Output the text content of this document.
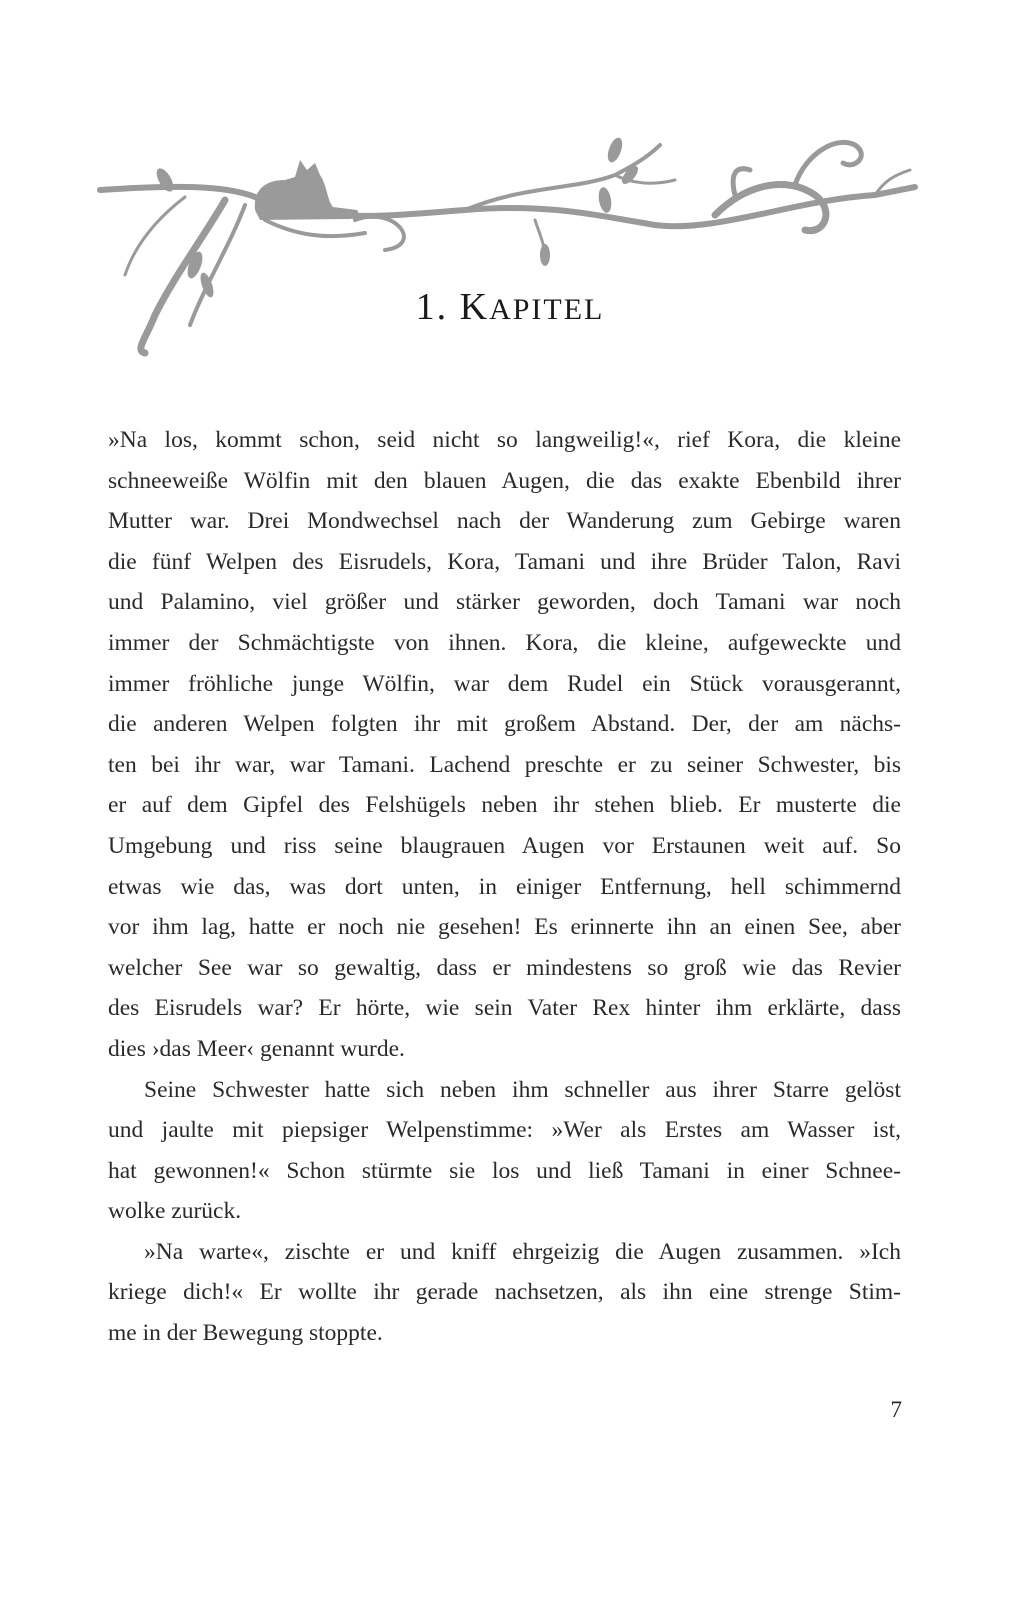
1. KAPITEL
»Na los, kommt schon, seid nicht so langweilig!«, rief Kora, die kleine
schneeweiße Wölfin mit den blauen Augen, die das exakte Ebenbild ihrer
Mutter war. Drei Mondwechsel nach der Wanderung zum Gebirge waren
die fünf Welpen des Eisrudels, Kora, Tamani und ihre Brüder Talon, Ravi
und Palamino, viel größer und stärker geworden, doch Tamani war noch
immer der Schmächtigste von ihnen. Kora, die kleine, aufgeweckte und
immer fröhliche junge Wölfin, war dem Rudel ein Stück vorausgerannt,
die anderen Welpen folgten ihr mit großem Abstand. Der, der am nächs-
ten bei ihr war, war Tamani. Lachend preschte er zu seiner Schwester, bis
er auf dem Gipfel des Felshügels neben ihr stehen blieb. Er musterte die
Umgebung und riss seine blaugrauen Augen vor Erstaunen weit auf. So
etwas wie das, was dort unten, in einiger Entfernung, hell schimmernd
vor ihm lag, hatte er noch nie gesehen! Es erinnerte ihn an einen See, aber
welcher See war so gewaltig, dass er mindestens so groß wie das Revier
des Eisrudels war? Er hörte, wie sein Vater Rex hinter ihm erklärte, dass
dies ›das Meer‹ genannt wurde.
Seine Schwester hatte sich neben ihm schneller aus ihrer Starre gelöst
und jaulte mit piepsiger Welpenstimme: »Wer als Erstes am Wasser ist,
hat gewonnen!« Schon stürmte sie los und ließ Tamani in einer Schnee-
wolke zurück.
»Na warte«, zischte er und kniff ehrgeizig die Augen zusammen. »Ich
kriege dich!« Er wollte ihr gerade nachsetzen, als ihn eine strenge Stim-
me in der Bewegung stoppte.
7
